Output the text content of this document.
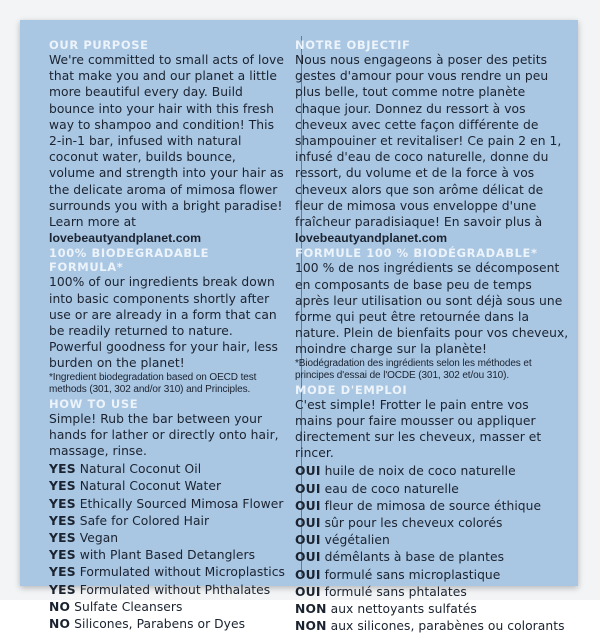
OUR PURPOSE

We're committed to small acts of love that make you and our planet a little more beautiful every day. Build bounce into your hair with this fresh way to shampoo and condition! This 2-in-1 bar, infused with natural coconut water, builds bounce, volume and strength into your hair as the delicate aroma of mimosa flower surrounds you with a bright paradise! Learn more at lovebeautyandplanet.com

100% BIODEGRADABLE FORMULA*

100% of our ingredients break down into basic components shortly after use or are already in a form that can be readily returned to nature. Powerful goodness for your hair, less burden on the planet!

*Ingredient biodegradation based on OECD test methods (301, 302 and/or 310) and Principles.

HOW TO USE

Simple! Rub the bar between your hands for lather or directly onto hair, massage, rinse.

YES Natural Coconut Oil
YES Natural Coconut Water
YES Ethically Sourced Mimosa Flower
YES Safe for Colored Hair
YES Vegan
YES with Plant Based Detanglers
YES Formulated without Microplastics
YES Formulated without Phthalates
NO Sulfate Cleansers
NO Silicones, Parabens or Dyes
NOTRE OBJECTIF

Nous nous engageons à poser des petits gestes d'amour pour vous rendre un peu plus belle, tout comme notre planète chaque jour. Donnez du ressort à vos cheveux avec cette façon différente de shampouiner et revitaliser! Ce pain 2 en 1, infusé d'eau de coco naturelle, donne du ressort, du volume et de la force à vos cheveux alors que son arôme délicat de fleur de mimosa vous enveloppe d'une fraîcheur paradisiaque! En savoir plus à lovebeautyandplanet.com

FORMULE 100 % BIODÉGRADABLE*

100 % de nos ingrédients se décomposent en composants de base peu de temps après leur utilisation ou sont déjà sous une forme qui peut être retournée dans la nature. Plein de bienfaits pour vos cheveux, moindre charge sur la planète!

*Biodégradation des ingrédients selon les méthodes et principes d'essai de l'OCDE (301, 302 et/ou 310).

MODE D'EMPLOI

C'est simple! Frotter le pain entre vos mains pour faire mousser ou appliquer directement sur les cheveux, masser et rincer.

OUI huile de noix de coco naturelle
OUI eau de coco naturelle
OUI fleur de mimosa de source éthique
OUI sûr pour les cheveux colorés
OUI végétalien
OUI démêlants à base de plantes
OUI formulé sans microplastique
OUI formulé sans phtalates
NON aux nettoyants sulfatés
NON aux silicones, parabènes ou colorants
